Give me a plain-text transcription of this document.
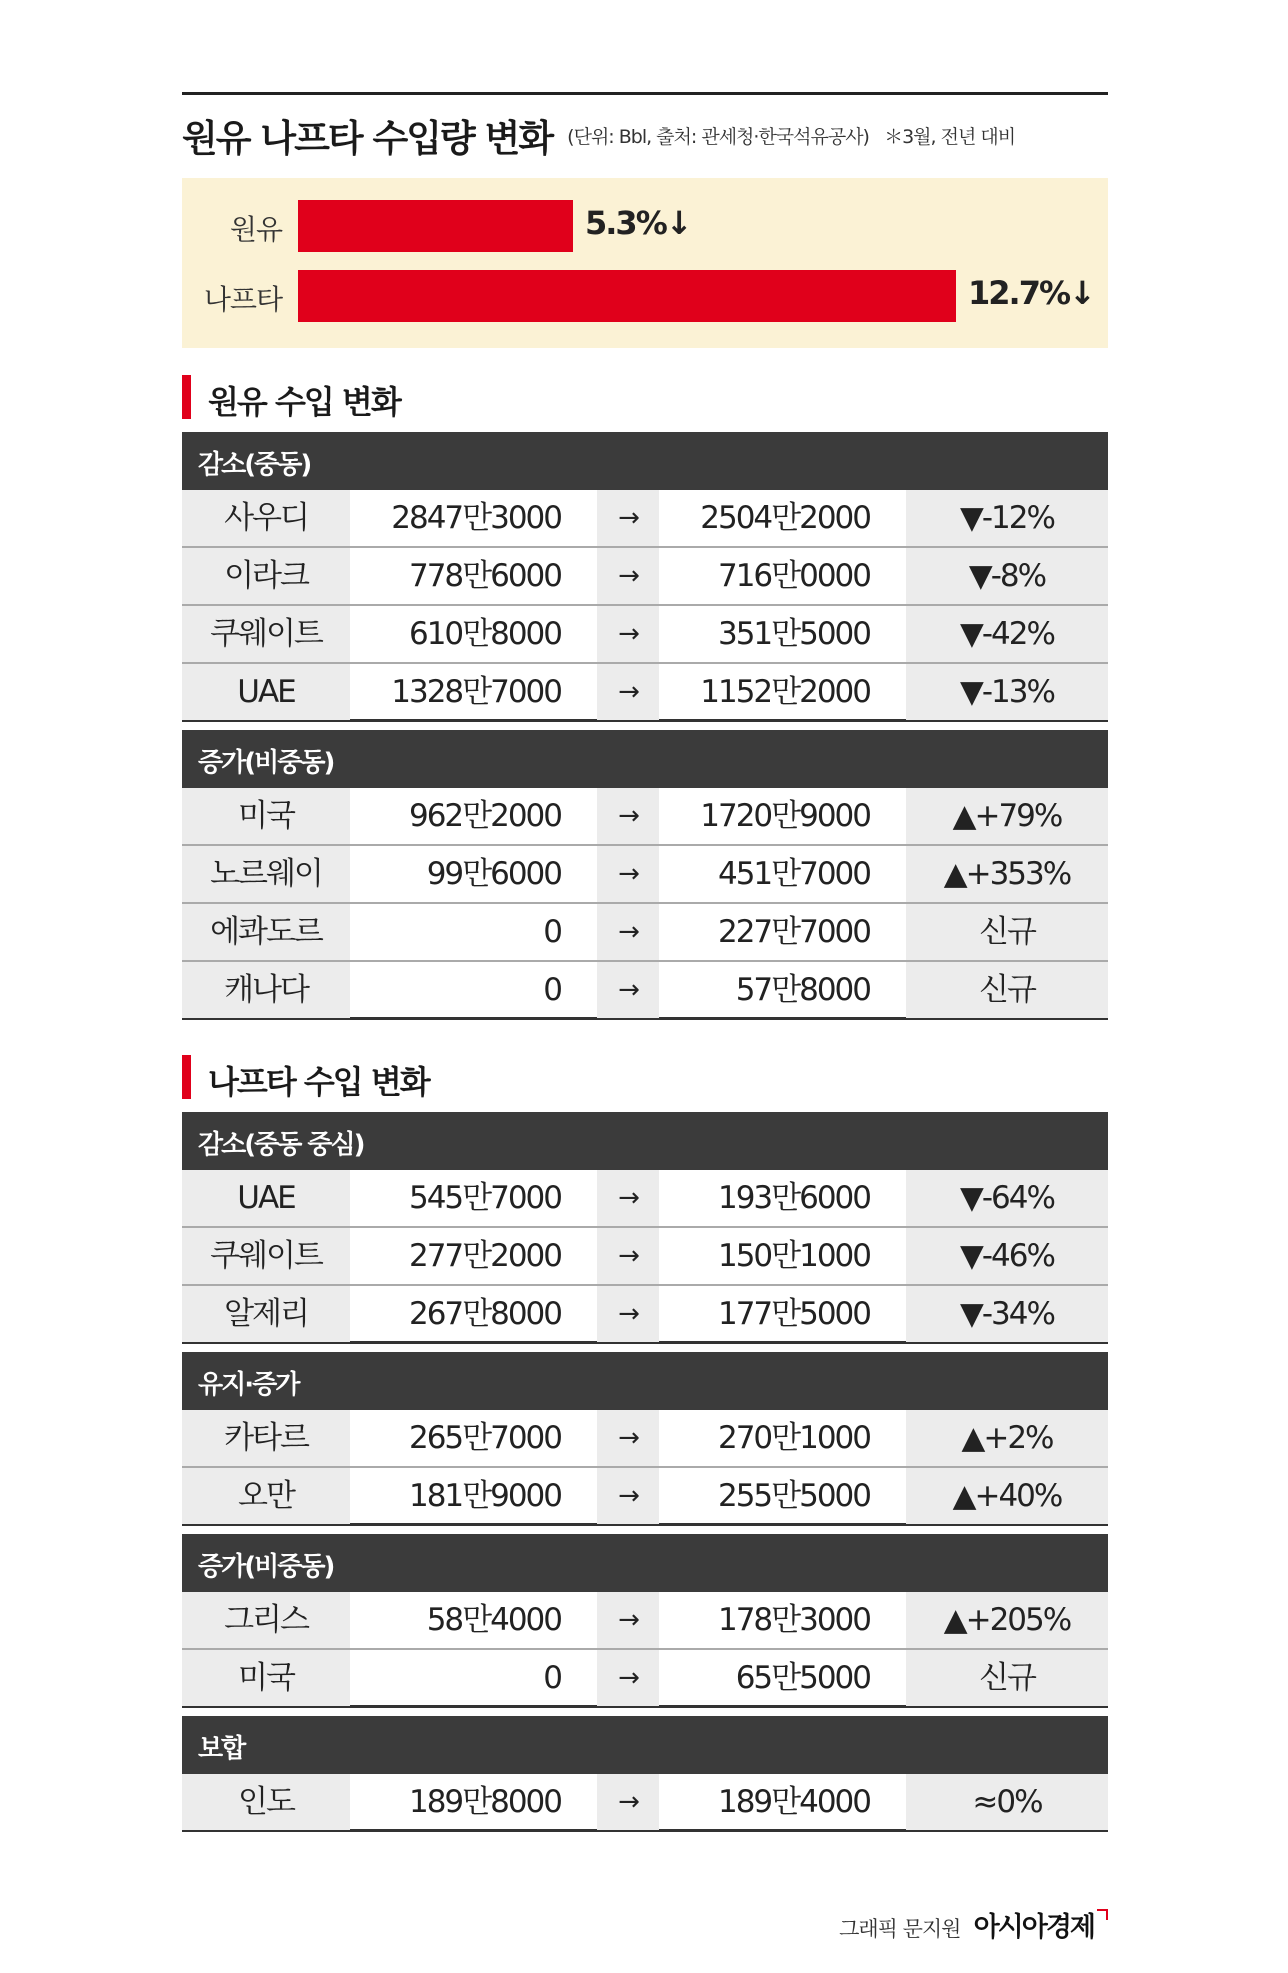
원유 나프타 수입량 변화 (단위: Bbl, 출처: 관세청·한국석유공사) ＊3월, 전년 대비
원유	5.3%↓
나프타	12.7%↓
원유 수입 변화
감소(중동)
사우디	2847만3000	→	2504만2000	▼-12%
이라크	778만6000	→	716만0000	▼-8%
쿠웨이트	610만8000	→	351만5000	▼-42%
UAE	1328만7000	→	1152만2000	▼-13%
증가(비중동)
미국	962만2000	→	1720만9000	▲+79%
노르웨이	99만6000	→	451만7000	▲+353%
에콰도르	0	→	227만7000	신규
캐나다	0	→	57만8000	신규
나프타 수입 변화
감소(중동 중심)
UAE	545만7000	→	193만6000	▼-64%
쿠웨이트	277만2000	→	150만1000	▼-46%
알제리	267만8000	→	177만5000	▼-34%
유지·증가
카타르	265만7000	→	270만1000	▲+2%
오만	181만9000	→	255만5000	▲+40%
증가(비중동)
그리스	58만4000	→	178만3000	▲+205%
미국	0	→	65만5000	신규
보합
인도	189만8000	→	189만4000	≈0%
그래픽 문지원 아시아경제
